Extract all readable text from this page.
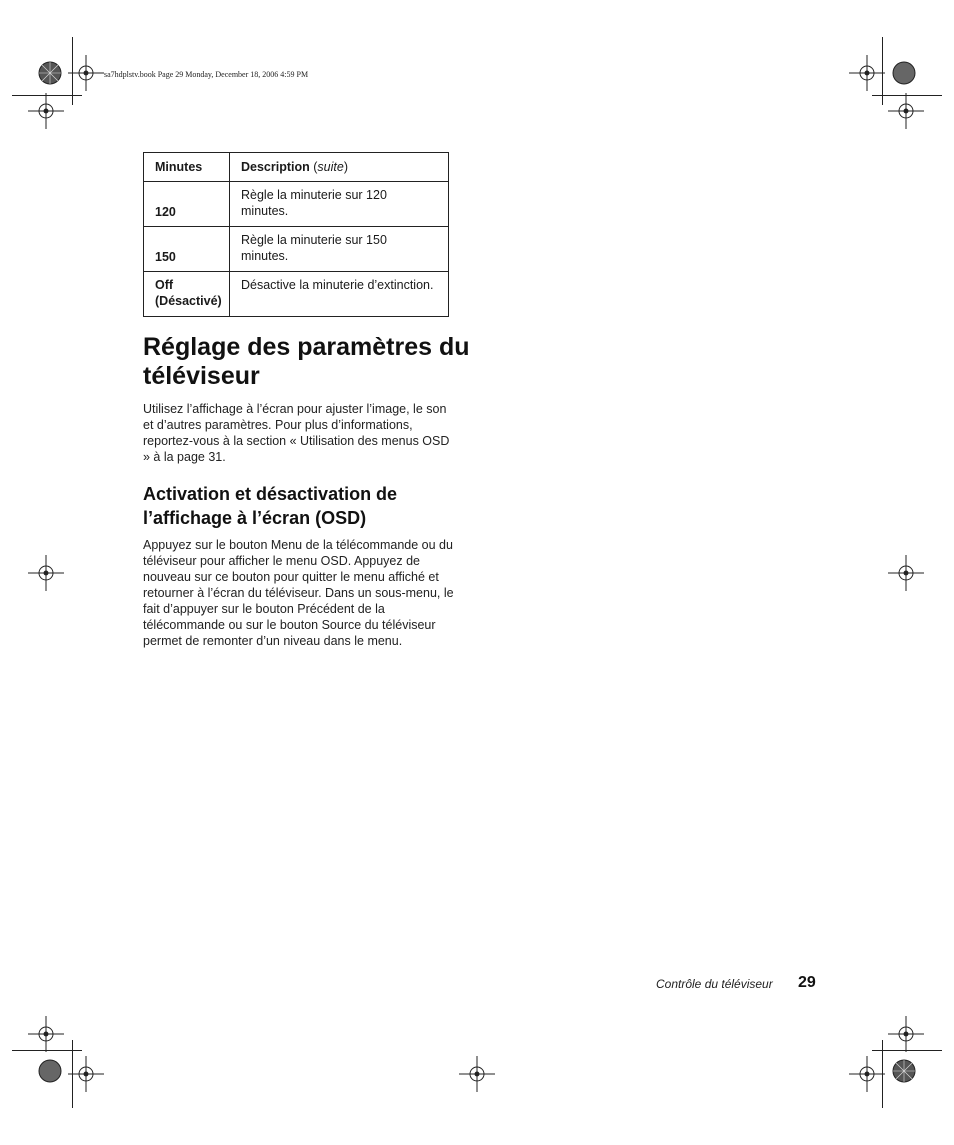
sa7hdplstv.book Page 29 Monday, December 18, 2006 4:59 PM
Minutes	Description (suite)
120	Règle la minuterie sur 120 minutes.
150	Règle la minuterie sur 150 minutes.
Off (Désactivé)	Désactive la minuterie d’extinction.
Réglage des paramètres du téléviseur

Utilisez l’affichage à l’écran pour ajuster l’image, le son et d’autres paramètres. Pour plus d’informations, reportez-vous à la section « Utilisation des menus OSD » à la page 31.

Activation et désactivation de l’affichage à l’écran (OSD)

Appuyez sur le bouton Menu de la télécommande ou du téléviseur pour afficher le menu OSD. Appuyez de nouveau sur ce bouton pour quitter le menu affiché et retourner à l’écran du téléviseur. Dans un sous-menu, le fait d’appuyer sur le bouton Précédent de la télécommande ou sur le bouton Source du téléviseur permet de remonter d’un niveau dans le menu.

Contrôle du téléviseur 29
